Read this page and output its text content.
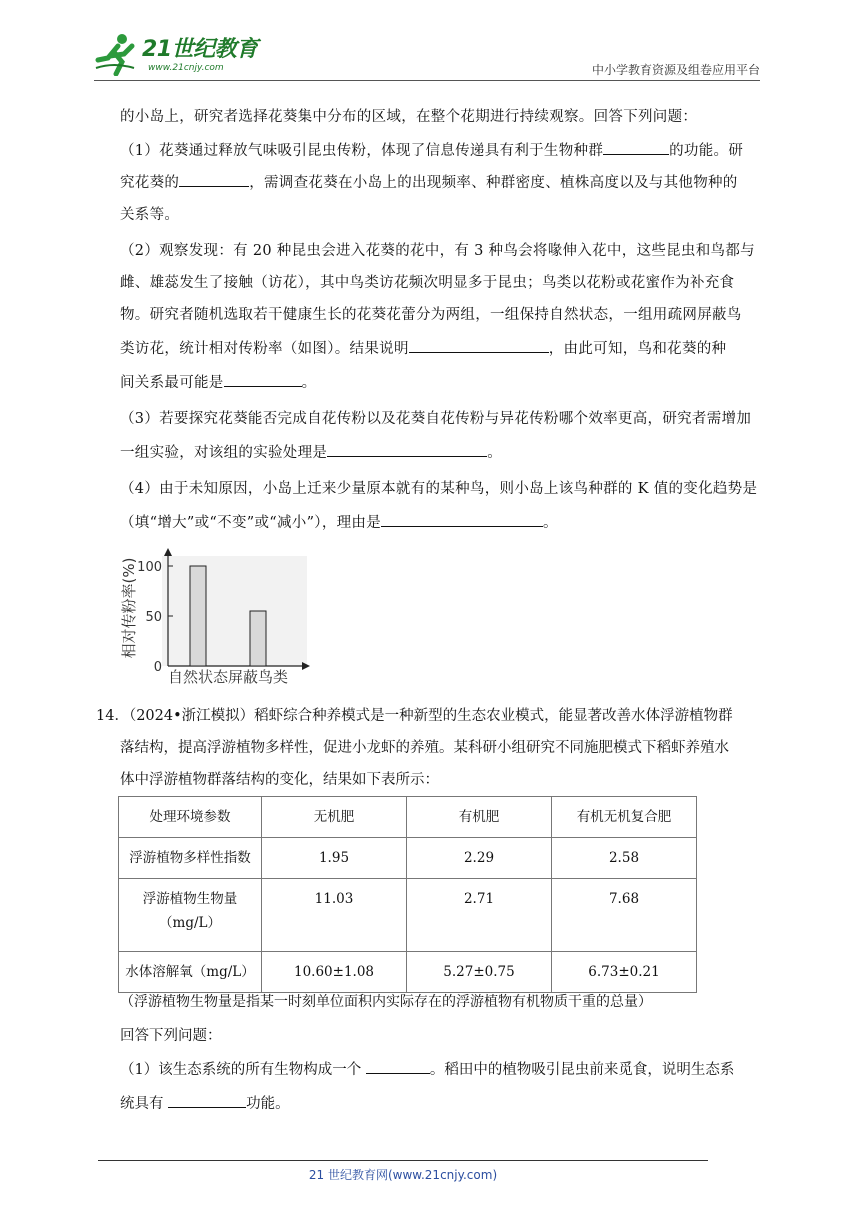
21世纪教育
www.21cnjy.com	中小学教育资源及组卷应用平台
的小岛上，研究者选择花葵集中分布的区域，在整个花期进行持续观察。回答下列问题：
（1）花葵通过释放气味吸引昆虫传粉，体现了信息传递具有利于生物种群	的功能。研
究花葵的	，需调查花葵在小岛上的出现频率、种群密度、植株高度以及与其他物种的
关系等。
（2）观察发现：有 20 种昆虫会进入花葵的花中，有 3 种鸟会将喙伸入花中，这些昆虫和鸟都与
雌、雄蕊发生了接触（访花），其中鸟类访花频次明显多于昆虫；鸟类以花粉或花蜜作为补充食
物。研究者随机选取若干健康生长的花葵花蕾分为两组，一组保持自然状态，一组用疏网屏蔽鸟
类访花，统计相对传粉率（如图）。结果说明	，由此可知，鸟和花葵的种
间关系最可能是	。
（3）若要探究花葵能否完成自花传粉以及花葵自花传粉与异花传粉哪个效率更高，研究者需增加
一组实验，对该组的实验处理是	。
（4）由于未知原因，小岛上迁来少量原本就有的某种鸟，则小岛上该鸟种群的 K 值的变化趋势是
（填“增大”或“不变”或“减小”），理由是	。
0
50
100
自然状态 屏蔽鸟类
相对传粉率(%)
14．（2024•浙江模拟）稻虾综合种养模式是一种新型的生态农业模式，能显著改善水体浮游植物群
落结构，提高浮游植物多样性，促进小龙虾的养殖。某科研小组研究不同施肥模式下稻虾养殖水
体中浮游植物群落结构的变化，结果如下表所示：
处理环境参数	无机肥	有机肥	有机无机复合肥
浮游植物多样性指数	1.95	2.29	2.58
浮游植物生物量（mg/L）	11.03	2.71	7.68
水体溶解氧（mg/L）	10.60±1.08	5.27±0.75	6.73±0.21
（浮游植物生物量是指某一时刻单位面积内实际存在的浮游植物有机物质干重的总量）
回答下列问题：
（1）该生态系统的所有生物构成一个	。稻田中的植物吸引昆虫前来觅食，说明生态系
统具有	功能。
21 世纪教育网(www.21cnjy.com)
